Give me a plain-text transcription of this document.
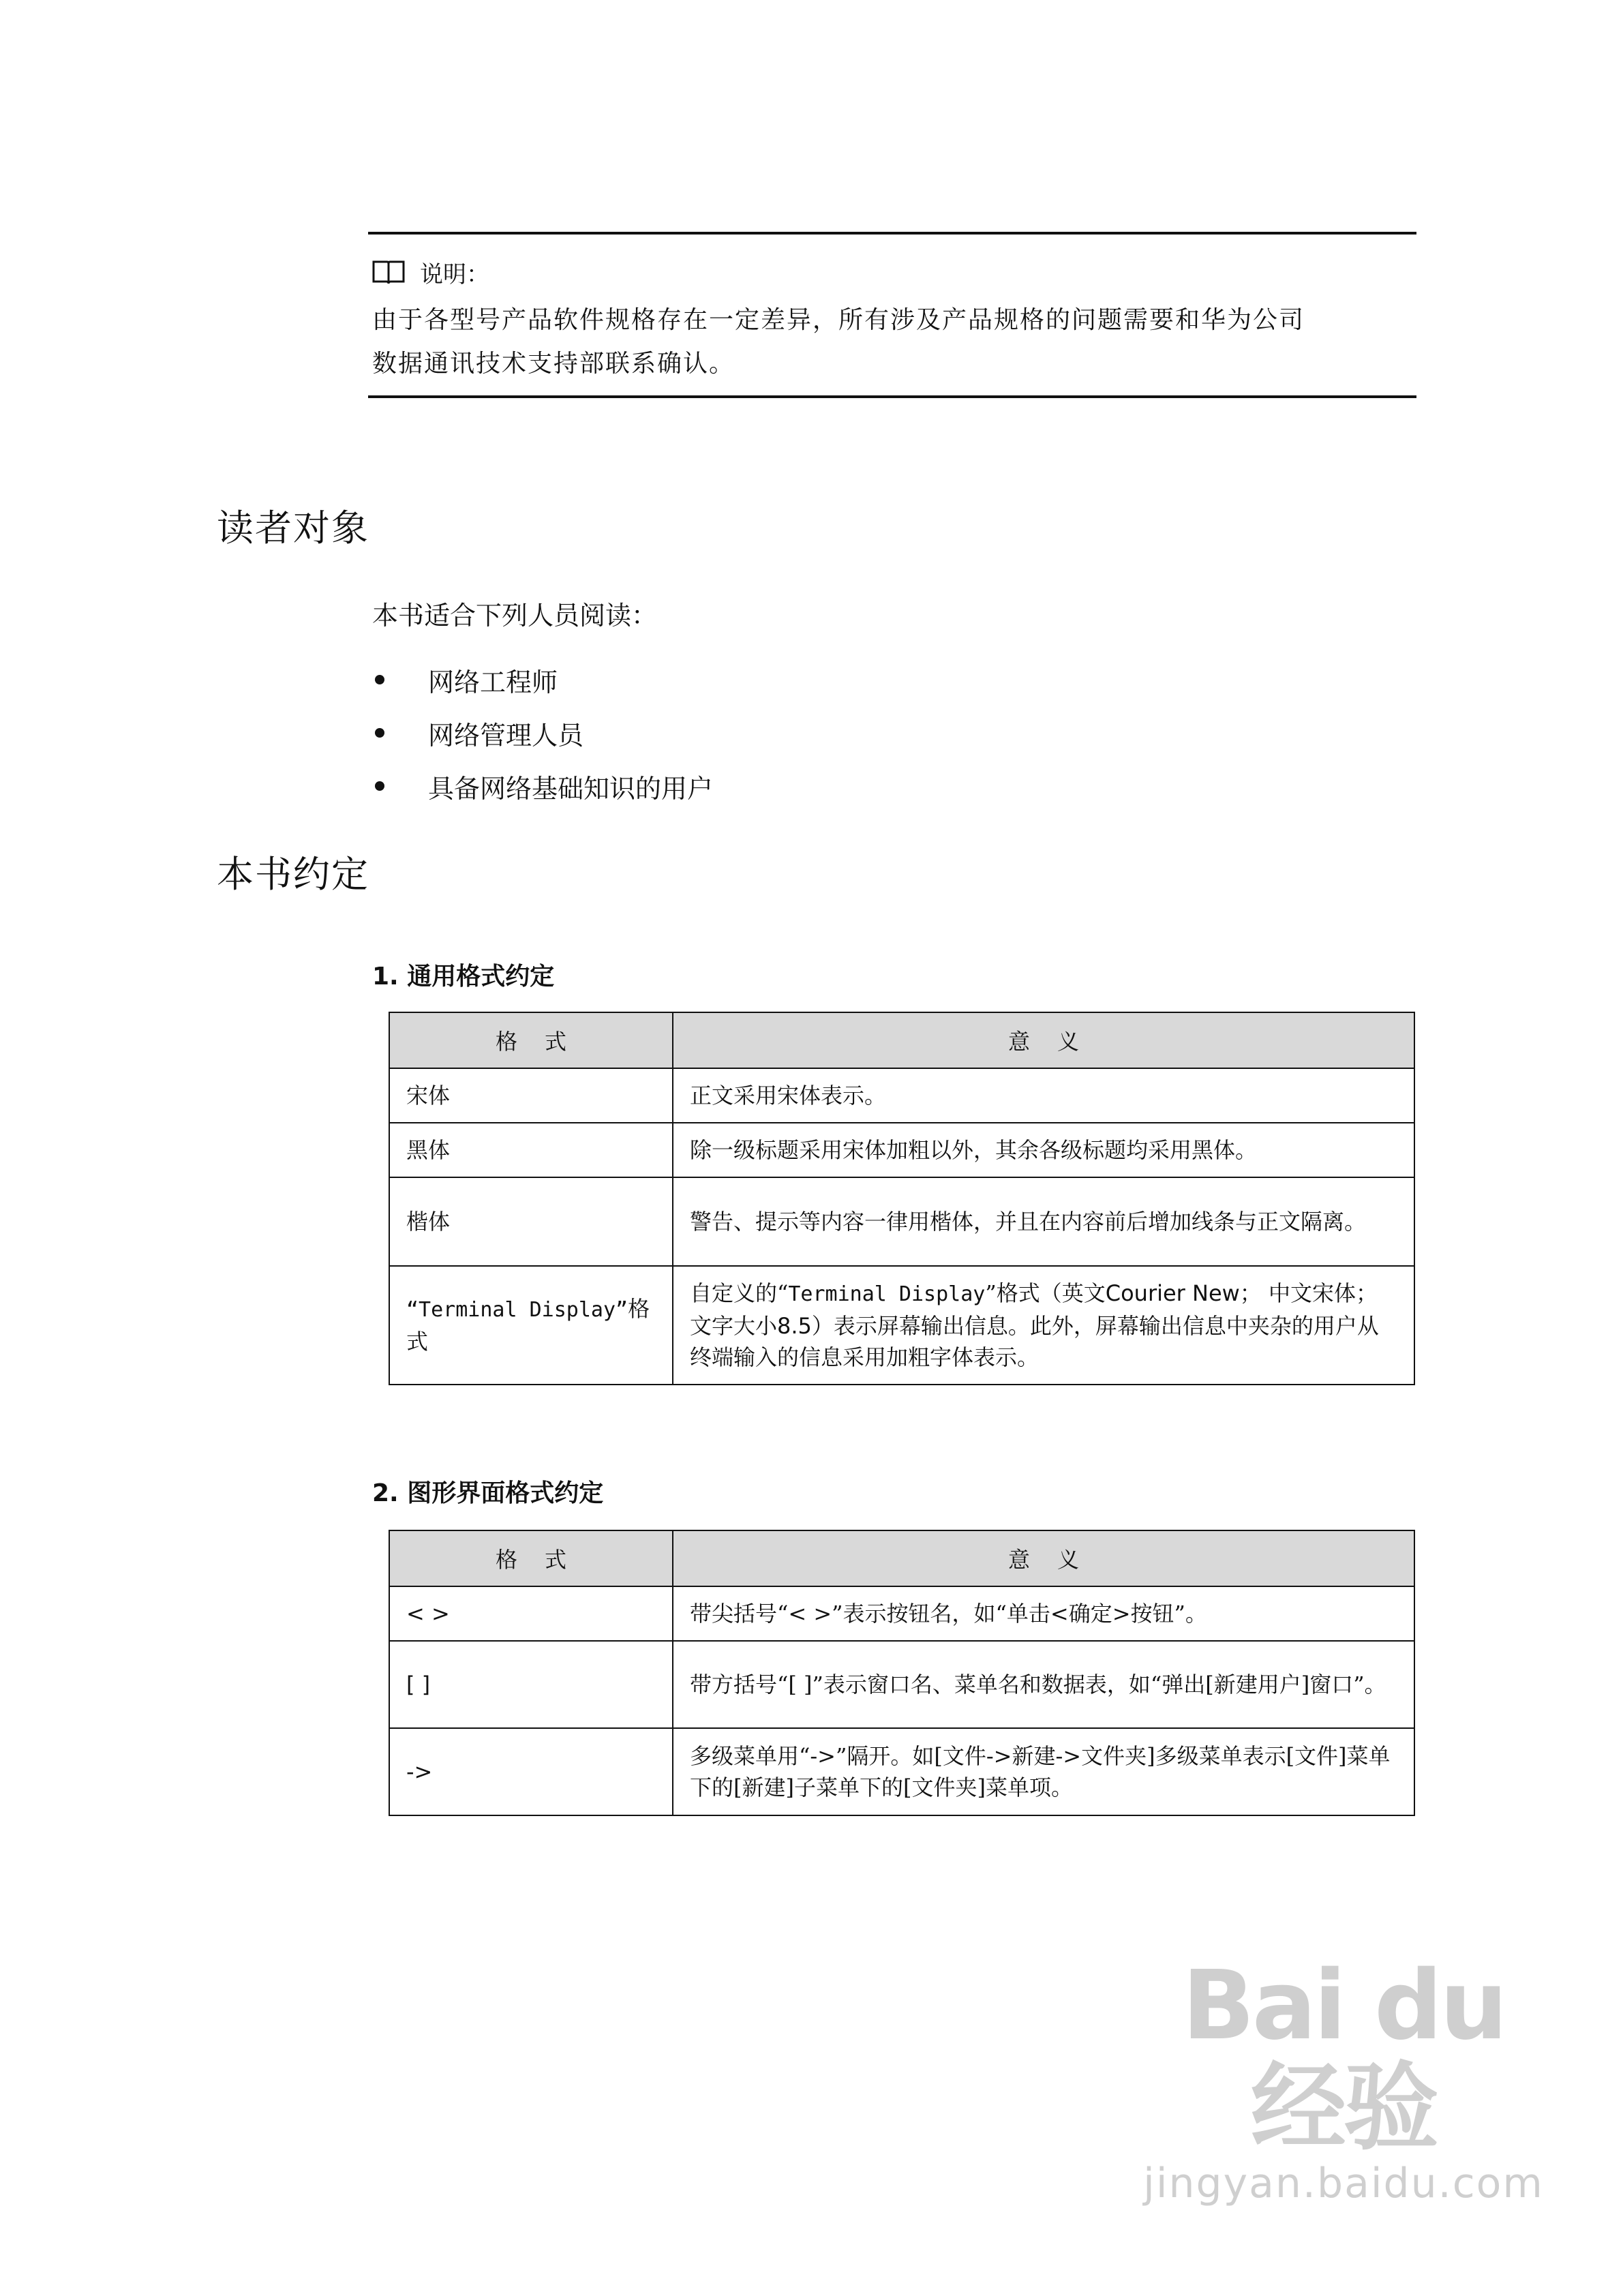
说明：
由于各型号产品软件规格存在一定差异，所有涉及产品规格的问题需要和华为公司
数据通讯技术支持部联系确认。
读者对象
本书适合下列人员阅读：
网络工程师
网络管理人员
具备网络基础知识的用户
本书约定
1. 通用格式约定
格式	意义
宋体	正文采用宋体表示。
黑体	除一级标题采用宋体加粗以外，其余各级标题均采用黑体。
楷体	警告、提示等内容一律用楷体，并且在内容前后增加线条与正文隔离。
“Terminal Display”格式	自定义的“Terminal Display”格式（英文Courier New； 中文宋体； 文字大小8.5）表示屏幕输出信息。此外，屏幕输出信息中夹杂的用户从终端输入的信息采用加粗字体表示。
2. 图形界面格式约定
格式	意义
< >	带尖括号“< >”表示按钮名，如“单击<确定>按钮”。
[ ]	带方括号“[ ]”表示窗口名、菜单名和数据表，如“弹出[新建用户]窗口”。
->	多级菜单用“->”隔开。如[文件->新建->文件夹]多级菜单表示[文件]菜单下的[新建]子菜单下的[文件夹]菜单项。
Bai du 经验
jingyan.baidu.com
